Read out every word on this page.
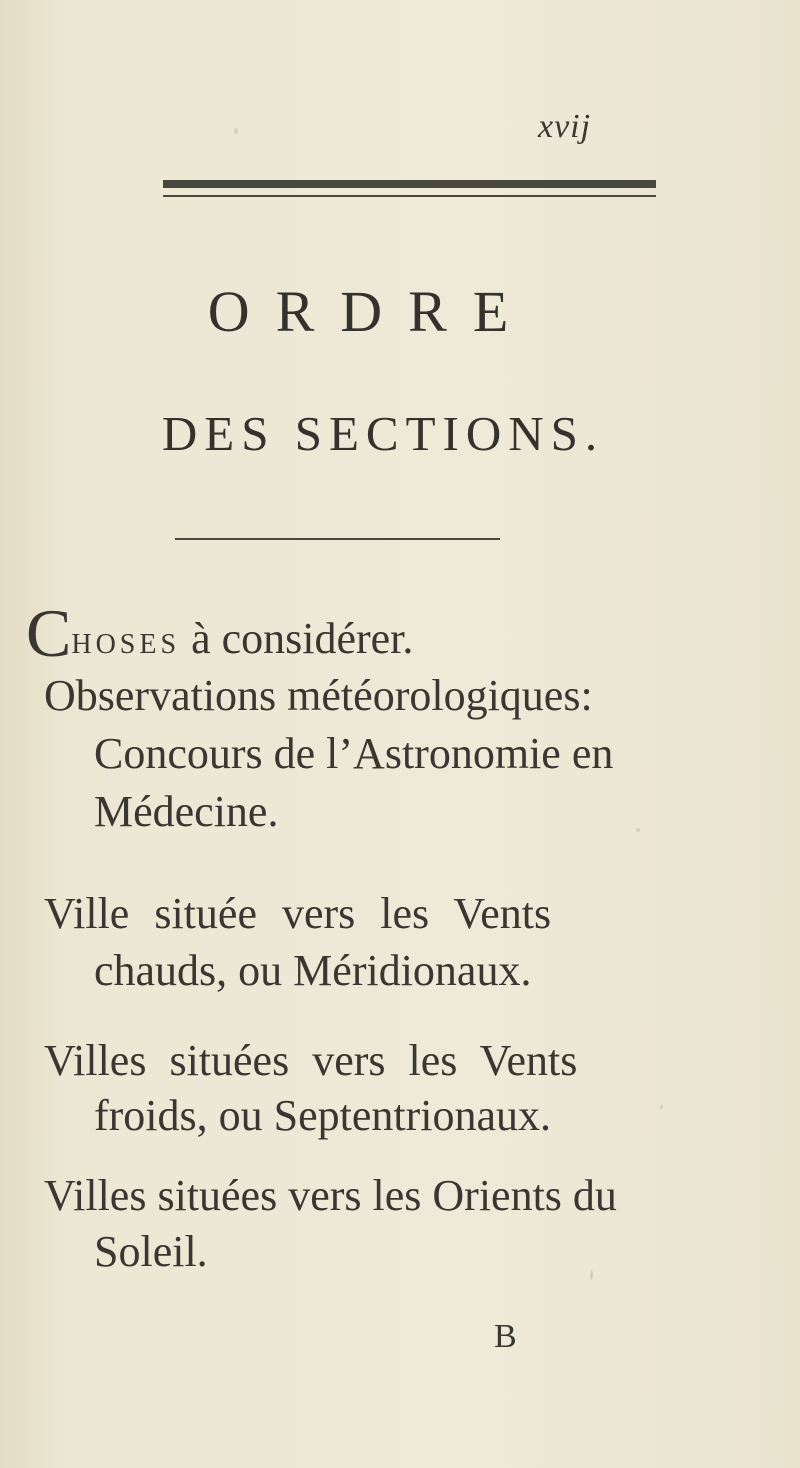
xvij
ORDRE
DES SECTIONS.
CHOSES à considérer.
Observations météorologiques:
Concours de l’Astronomie en
Médecine.
Ville située vers les Vents
chauds, ou Méridionaux.
Villes situées vers les Vents
froids, ou Septentrionaux.
Villes situées vers les Orients du
Soleil.
B
